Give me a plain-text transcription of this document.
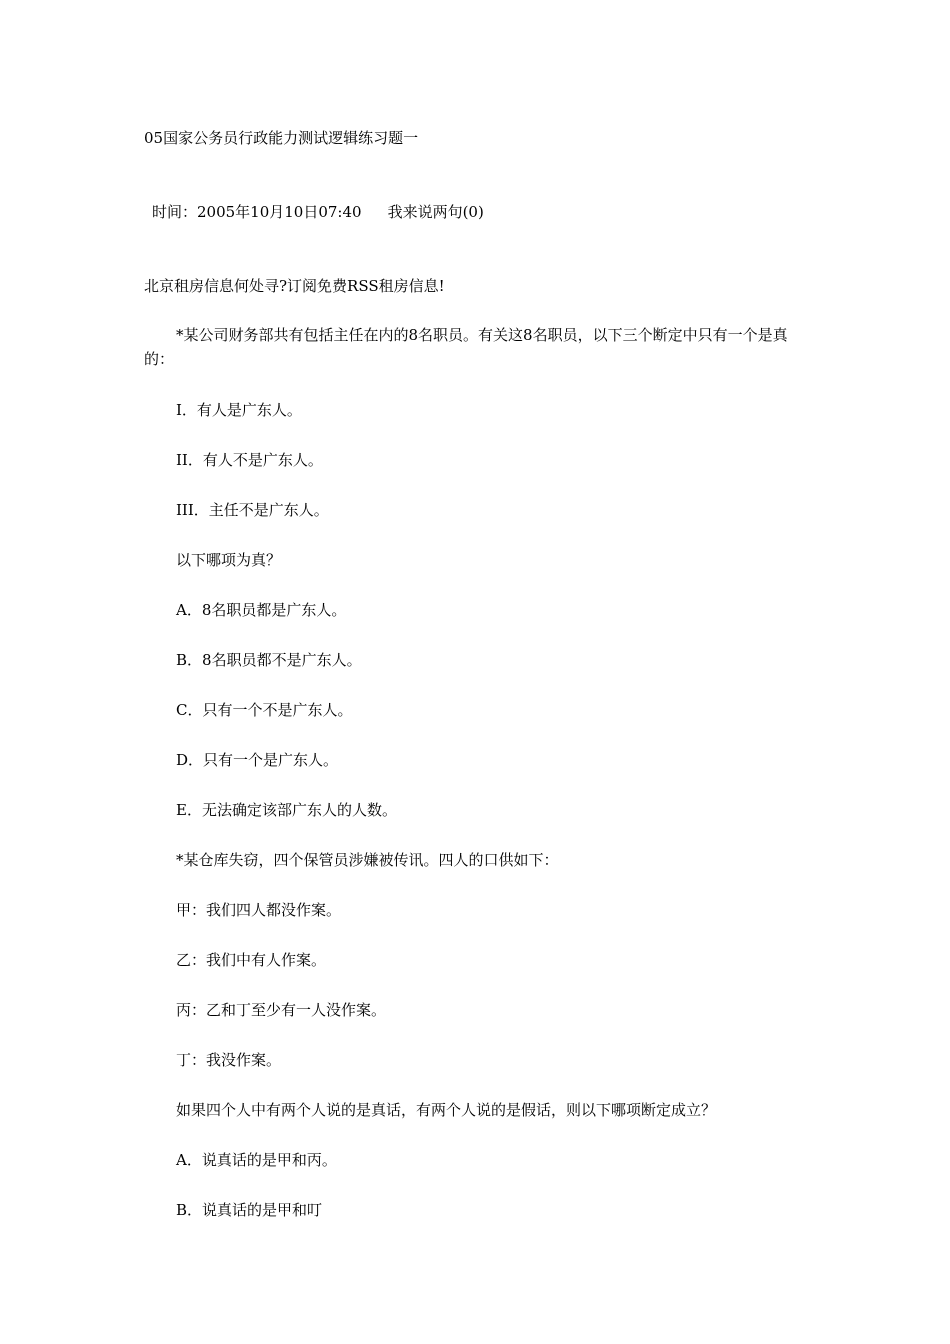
05国家公务员行政能力测试逻辑练习题一
时间：2005年10月10日07:40 我来说两句(0)
北京租房信息何处寻?订阅免费RSS租房信息!
*某公司财务部共有包括主任在内的8名职员。有关这8名职员，以下三个断定中只有一个是真的：
I．有人是广东人。
II．有人不是广东人。
III．主任不是广东人。
以下哪项为真？
A．8名职员都是广东人。
B．8名职员都不是广东人。
C．只有一个不是广东人。
D．只有一个是广东人。
E．无法确定该部广东人的人数。
*某仓库失窃，四个保管员涉嫌被传讯。四人的口供如下：
甲：我们四人都没作案。
乙：我们中有人作案。
丙：乙和丁至少有一人没作案。
丁：我没作案。
如果四个人中有两个人说的是真话，有两个人说的是假话，则以下哪项断定成立？
A．说真话的是甲和丙。
B．说真话的是甲和叮
